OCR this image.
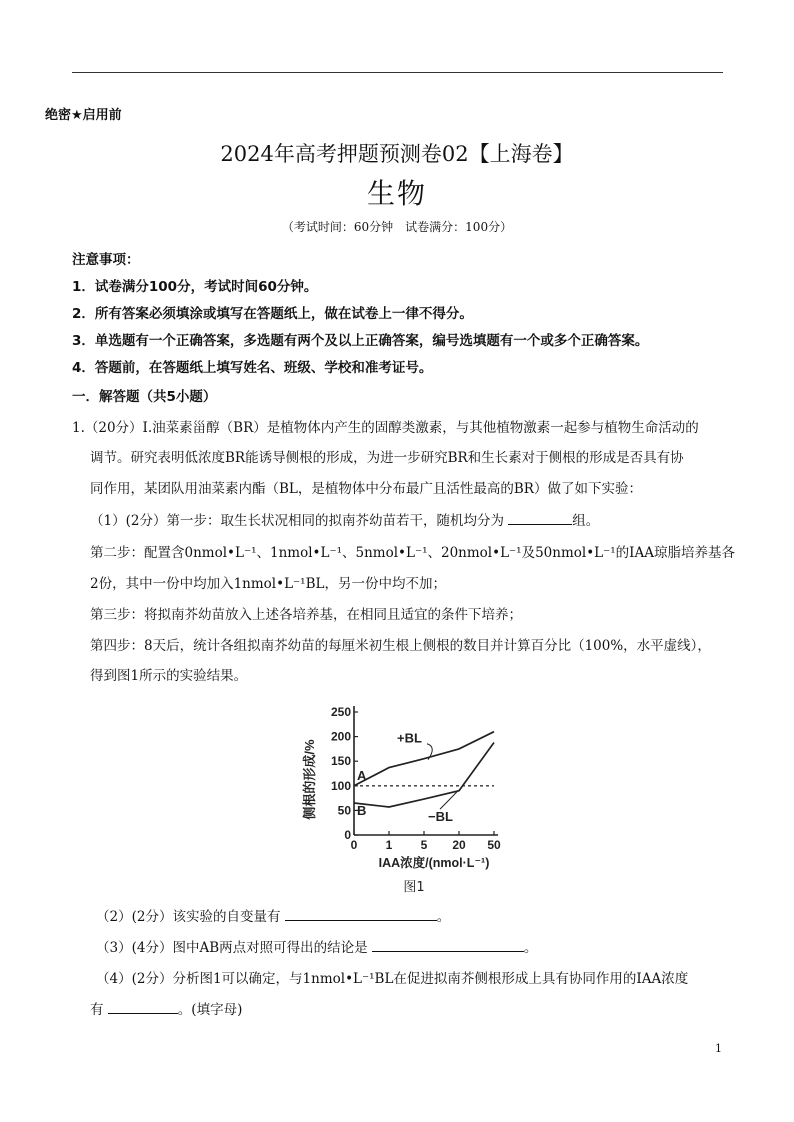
绝密★启用前
2024年高考押题预测卷02【上海卷】
生物
（考试时间：60分钟　试卷满分：100分）
注意事项：
1．试卷满分100分，考试时间60分钟。
2．所有答案必须填涂或填写在答题纸上，做在试卷上一律不得分。
3．单选题有一个正确答案，多选题有两个及以上正确答案，编号选填题有一个或多个正确答案。
4．答题前，在答题纸上填写姓名、班级、学校和准考证号。
一．解答题（共5小题）
1.（20分）Ⅰ.油菜素甾醇（BR）是植物体内产生的固醇类激素，与其他植物激素一起参与植物生命活动的
调节。研究表明低浓度BR能诱导侧根的形成，为进一步研究BR和生长素对于侧根的形成是否具有协
同作用，某团队用油菜素内酯（BL，是植物体中分布最广且活性最高的BR）做了如下实验：
（1）(2分）第一步：取生长状况相同的拟南芥幼苗若干，随机均分为	组。
第二步：配置含0nmol•L⁻¹、1nmol•L⁻¹、5nmol•L⁻¹、20nmol•L⁻¹及50nmol•L⁻¹的IAA琼脂培养基各
2份，其中一份中均加入1nmol•L⁻¹BL，另一份中均不加；
第三步：将拟南芥幼苗放入上述各培养基，在相同且适宜的条件下培养；
第四步：8天后，统计各组拟南芥幼苗的每厘米初生根上侧根的数目并计算百分比（100%，水平虚线），
得到图1所示的实验结果。
0
50
100
150
200
250
0 1 5 20 50
IAA浓度/(nmol·L⁻¹)
侧根的形成/%
+BL
−BL
A
B
图1
（2）(2分）该实验的自变量有	。
（3）(4分）图中AB两点对照可得出的结论是	。
（4）(2分）分析图1可以确定，与1nmol•L⁻¹BL在促进拟南芥侧根形成上具有协同作用的IAA浓度
有	。(填字母)
1
